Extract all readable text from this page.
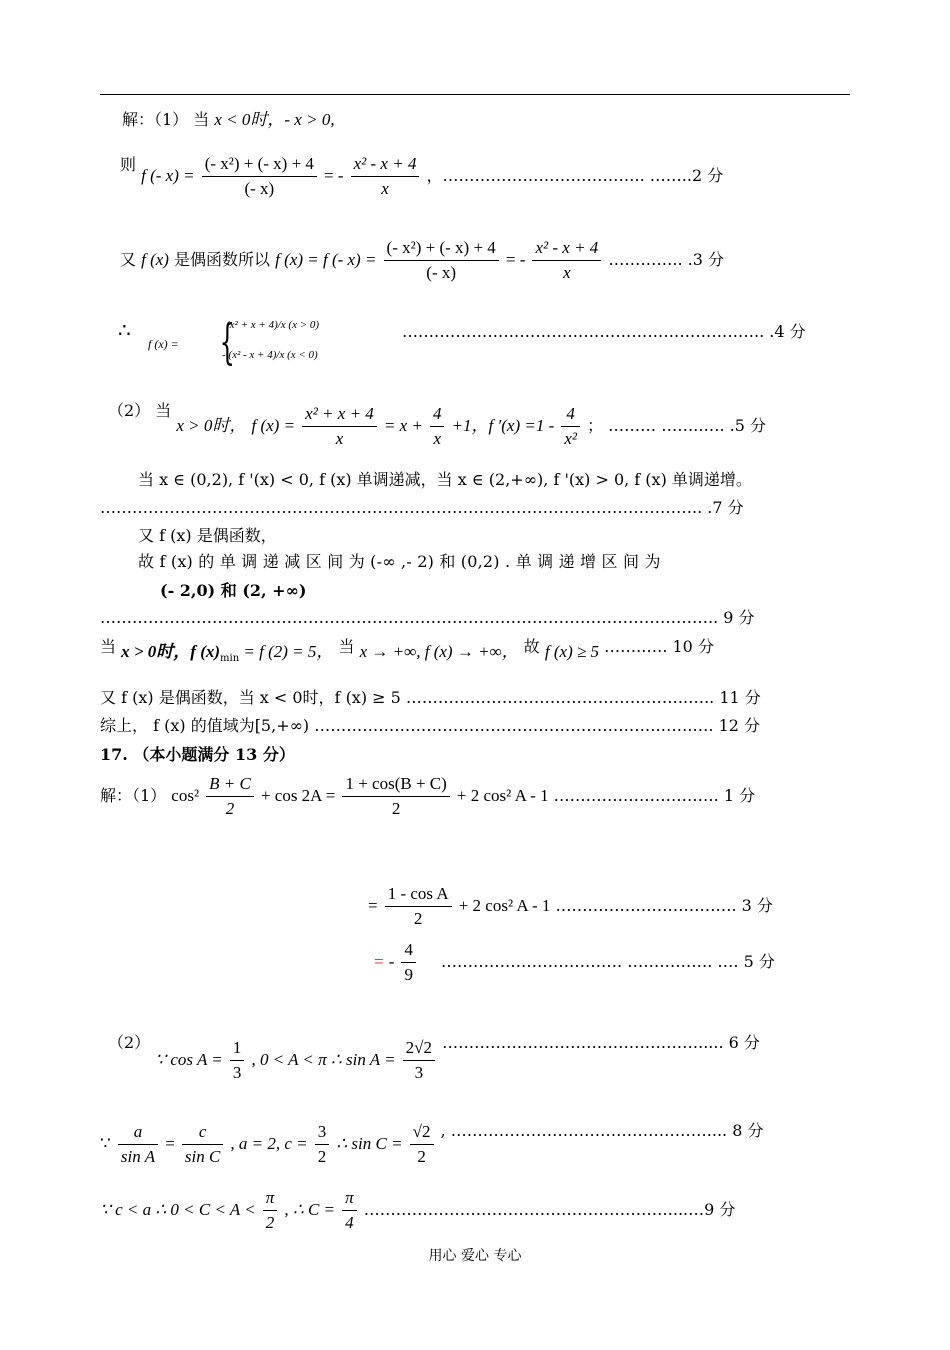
解：（1） 当 x < 0时，- x > 0,
则 f (- $x) = \frac{\text{(- x²) + (- x) + 4}}{(- x)}$ = - $\frac{\text{x² - x + 4}}{x}$ ，……………………………….. ……..2 分
又 f (x) 是偶函数所以 f (x) = f (- $x) = \frac{\text{(- x²) + (- x) + 4}}{(- x)}$ = - $\frac{\text{x² - x + 4}}{x}$ ………….. .3 分
∴
f (x) = {
(x² + x + 4)/x (x > 0)
- (x² - x + 4)/x (x < 0)
………………………………………………………….. .4 分
（2） 当 x > 0时， f $(x) = \frac{\text{x² + x + 4}}{x} = x + \frac{4}{x} +1$，f $'(x) =1 - \frac{4}{\text{x²}}$ ； ……… ……..…. .5 分
当 x ∈ (0,2), f '(x) < 0, f (x) 单调递减，当 x ∈ (2,+∞), f '(x) > 0, f (x) 单调递增。
………………………………………………………………………………………………….. .7 分
又 f (x) 是偶函数，
故 f (x) 的 单 调 递 减 区 间 为 (-∞ ,- 2) 和 (0,2) . 单 调 递 增 区 间 为
(- 2,0) 和 (2, +∞)
…………………………………………………………………………………………………….. 9 分
当 x > 0时，f $(x)_{min} = f$ (2) = 5， 当 x → +∞, f (x) → +∞， 故 f (x) ≥ 5 ……..…. 10 分
又 f (x) 是偶函数，当 x < 0时，f (x) ≥ 5 ……………………………………………..….. 11 分
综上， f (x) 的值域为[5,+∞) ……………………………………………………….…….…. 12 分
17. （本小题满分 13 分）
解：（1） $\cos^2 \frac{B + C}{2} + \cos 2A = \frac{1 + \cos(B + C)}{2} + 2$ cos² A - 1 …………………………. 1 分
= $\frac{\text{1 - cos A}}{2} + 2$ cos² A - 1 ……………………………. 3 分
= - $\frac{4}{9}$ ……………………………. ……………. …. 5 分
（2） ∵ $\cos A = \frac{1}{3}$ , 0 < A < π ∴ $\sin A = \frac{2√2}{3}$ …………………………………………..... 6 分
∵ $\frac{a}{\text{sin A}} = \frac{c}{\text{sin C}}$ , a = 2, $c = \frac{3}{2}$ ∴ $\sin C = \frac{√2}{2}$ , ………………………………………….... 8 分
∵ c < a ∴ $0 < C < A < \frac{\pi}{2}$ , ∴ $C = \frac{\pi}{4}$ …………………………………………………....…9 分
用心 爱心 专心
